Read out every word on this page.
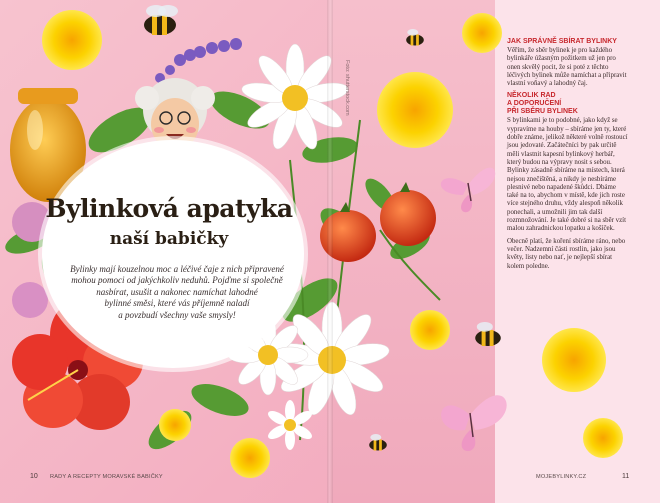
Bylinková apatyka
naší babičky
Bylinky mají kouzelnou moc a léčivé čaje z nich připravené
mohou pomoci od jakýchkoliv neduhů. Pojďme si společně
nasbírat, usušit a nakonec namíchat lahodné
bylinné směsi, které vás příjemně naladí
a povzbudí všechny vaše smysly!
Foto: shutterstock.com
JAK SPRÁVNĚ SBÍRAT BYLINKY

Věřím, že sběr bylinek je pro každého bylinkáře úžasným požitkem už jen pro onen skvělý pocit, že si poté z těchto léčivých bylinek může namíchat a připravit vlastní voňavý a lahodný čaj.

NĚKOLIK RAD
A DOPORUČENÍ
PŘI SBĚRU BYLINEK

S bylinkami je to podobné, jako když se vypravíme na houby – sbíráme jen ty, které dobře známe, jelikož některé volně rostoucí jsou jedovaté. Začátečníci by pak určitě měli vlastnit kapesní bylinkový herbář, který budou na výpravy nosit s sebou. Bylinky zásadně sbíráme na místech, která nejsou znečištěná, a nikdy je nesbíráme plesnivé nebo napadené škůdci. Dbáme také na to, abychom v místě, kde jich roste více stejného druhu, vždy alespoň několik ponechali, a umožnili jim tak další rozmnožování. Je také dobré si na sběr vzít malou zahradnickou lopatku a košíček.

Obecně platí, že koření sbíráme ráno, nebo večer. Nadzemní části rostlin, jako jsou květy, listy nebo nať, je nejlepší sbírat kolem poledne.

10 RADY A RECEPTY MORAVSKÉ BABIČKY	MOJEBYLINKY.CZ	11
